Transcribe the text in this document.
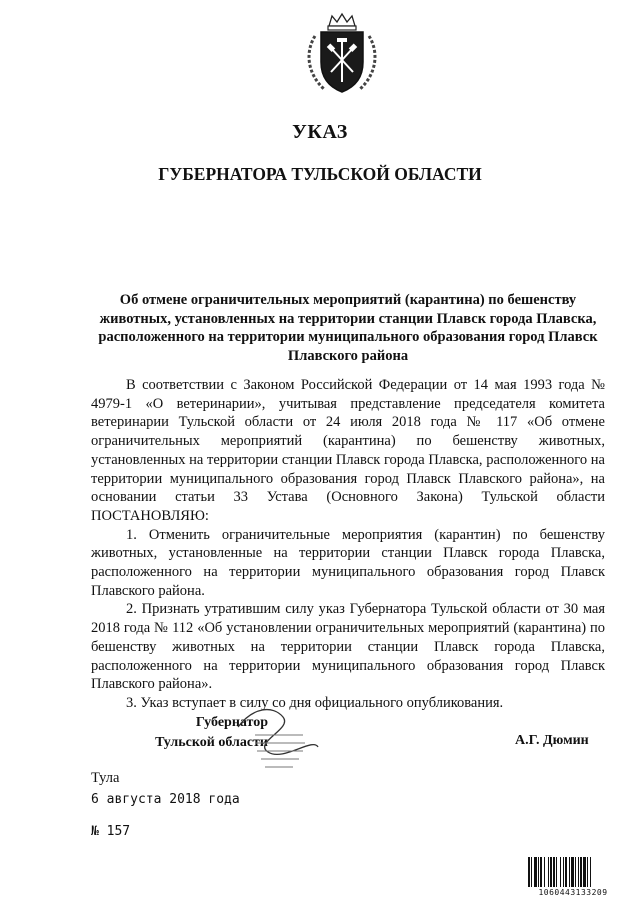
УКАЗ
ГУБЕРНАТОРА ТУЛЬСКОЙ ОБЛАСТИ
Об отмене ограничительных мероприятий (карантина) по бешенству животных, установленных на территории станции Плавск города Плавска, расположенного на территории муниципального образования город Плавск Плавского района

В соответствии с Законом Российской Федерации от 14 мая 1993 года № 4979-1 «О ветеринарии», учитывая представление председателя комитета ветеринарии Тульской области от 24 июля 2018 года № 117 «Об отмене ограничительных мероприятий (карантина) по бешенству животных, установленных на территории станции Плавск города Плавска, расположенного на территории муниципального образования город Плавск Плавского района», на основании статьи 33 Устава (Основного Закона) Тульской области ПОСТАНОВЛЯЮ:

1. Отменить ограничительные мероприятия (карантин) по бешенству животных, установленные на территории станции Плавск города Плавска, расположенного на территории муниципального образования город Плавск Плавского района.

2. Признать утратившим силу указ Губернатора Тульской области от 30 мая 2018 года № 112 «Об установлении ограничительных мероприятий (карантина) по бешенству животных на территории станции Плавск города Плавска, расположенного на территории муниципального образования город Плавск Плавского района».

3. Указ вступает в силу со дня официального опубликования.

Губернатор
Тульской области	А.Г. Дюмин
Тула
6 августа 2018 года
№ 157
1060443133209
